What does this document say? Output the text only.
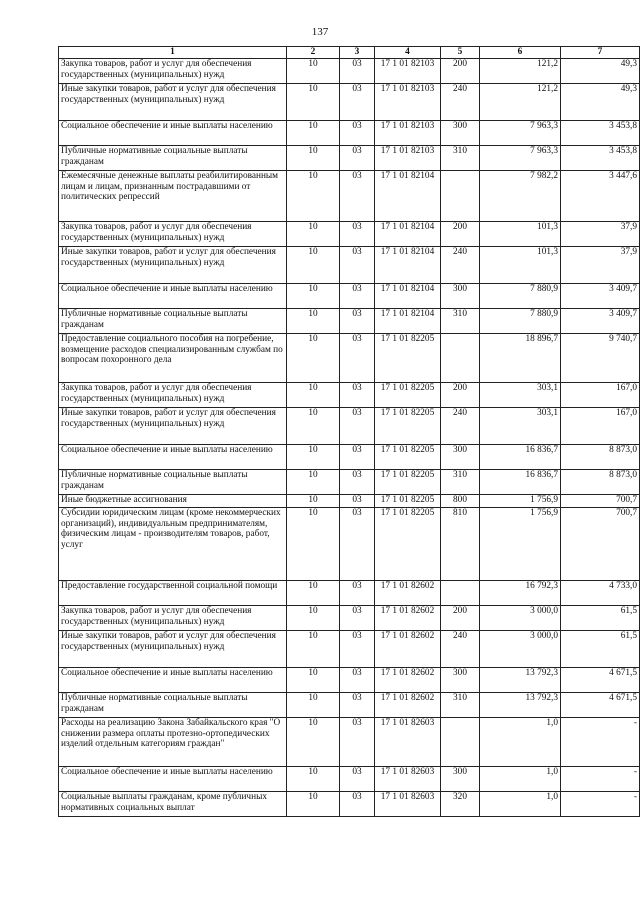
137
1	2	3	4	5	6	7
Закупка товаров, работ и услуг для обеспечения государственных (муниципальных) нужд	10	03	17 1 01 82103	200	121,2	49,3
Иные закупки товаров, работ и услуг для обеспечения государственных (муниципальных) нужд	10	03	17 1 01 82103	240	121,2	49,3
Социальное обеспечение и иные выплаты населению	10	03	17 1 01 82103	300	7 963,3	3 453,8
Публичные нормативные социальные выплаты гражданам	10	03	17 1 01 82103	310	7 963,3	3 453,8
Ежемесячные денежные выплаты реабилитированным лицам и лицам, признанным пострадавшими от политических репрессий	10	03	17 1 01 82104		7 982,2	3 447,6
Закупка товаров, работ и услуг для обеспечения государственных (муниципальных) нужд	10	03	17 1 01 82104	200	101,3	37,9
Иные закупки товаров, работ и услуг для обеспечения государственных (муниципальных) нужд	10	03	17 1 01 82104	240	101,3	37,9
Социальное обеспечение и иные выплаты населению	10	03	17 1 01 82104	300	7 880,9	3 409,7
Публичные нормативные социальные выплаты гражданам	10	03	17 1 01 82104	310	7 880,9	3 409,7
Предоставление социального пособия на погребение, возмещение расходов специализированным службам по вопросам похоронного дела	10	03	17 1 01 82205		18 896,7	9 740,7
Закупка товаров, работ и услуг для обеспечения государственных (муниципальных) нужд	10	03	17 1 01 82205	200	303,1	167,0
Иные закупки товаров, работ и услуг для обеспечения государственных (муниципальных) нужд	10	03	17 1 01 82205	240	303,1	167,0
Социальное обеспечение и иные выплаты населению	10	03	17 1 01 82205	300	16 836,7	8 873,0
Публичные нормативные социальные выплаты гражданам	10	03	17 1 01 82205	310	16 836,7	8 873,0
Иные бюджетные ассигнования	10	03	17 1 01 82205	800	1 756,9	700,7
Субсидии юридическим лицам (кроме некоммерческих организаций), индивидуальным предпринимателям, физическим лицам - производителям товаров, работ, услуг	10	03	17 1 01 82205	810	1 756,9	700,7
Предоставление государственной социальной помощи	10	03	17 1 01 82602		16 792,3	4 733,0
Закупка товаров, работ и услуг для обеспечения государственных (муниципальных) нужд	10	03	17 1 01 82602	200	3 000,0	61,5
Иные закупки товаров, работ и услуг для обеспечения государственных (муниципальных) нужд	10	03	17 1 01 82602	240	3 000,0	61,5
Социальное обеспечение и иные выплаты населению	10	03	17 1 01 82602	300	13 792,3	4 671,5
Публичные нормативные социальные выплаты гражданам	10	03	17 1 01 82602	310	13 792,3	4 671,5
Расходы на реализацию Закона Забайкальского края "О снижении размера оплаты протезно-ортопедических изделий отдельным категориям граждан"	10	03	17 1 01 82603		1,0	-
Социальное обеспечение и иные выплаты населению	10	03	17 1 01 82603	300	1,0	-
Социальные выплаты гражданам, кроме публичных нормативных социальных выплат	10	03	17 1 01 82603	320	1,0	-
